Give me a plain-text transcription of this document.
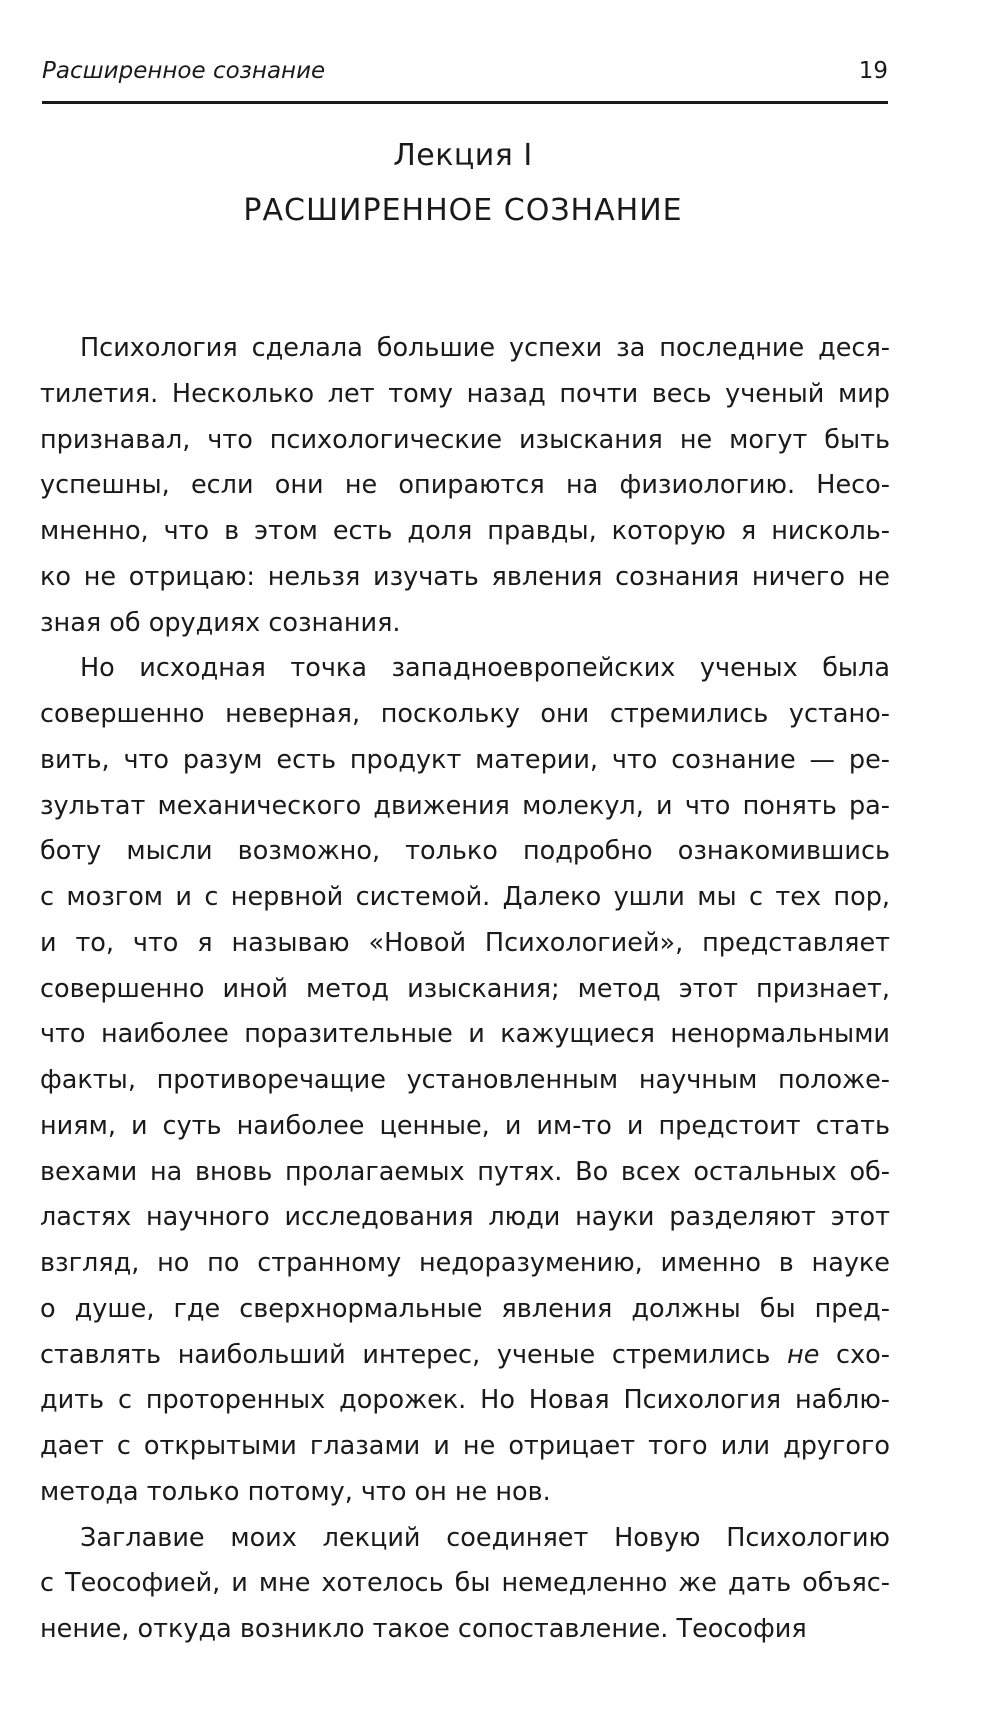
Расширенное сознание	19
Лекция I
РАСШИРЕННОЕ СОЗНАНИЕ
Психология сделала большие успехи за последние деся-
тилетия. Несколько лет тому назад почти весь ученый мир
признавал, что психологические изыскания не могут быть
успешны, если они не опираются на физиологию. Несо-
мненно, что в этом есть доля правды, которую я нисколь-
ко не отрицаю: нельзя изучать явления сознания ничего не
зная об орудиях сознания.
Но исходная точка западноевропейских ученых была
совершенно неверная, поскольку они стремились устано-
вить, что разум есть продукт материи, что сознание — ре-
зультат механического движения молекул, и что понять ра-
боту мысли возможно, только подробно ознакомившись
с мозгом и с нервной системой. Далеко ушли мы с тех пор,
и то, что я называю «Новой Психологией», представляет
совершенно иной метод изыскания; метод этот признает,
что наиболее поразительные и кажущиеся ненормальными
факты, противоречащие установленным научным положе-
ниям, и суть наиболее ценные, и им-то и предстоит стать
вехами на вновь пролагаемых путях. Во всех остальных об-
ластях научного исследования люди науки разделяют этот
взгляд, но по странному недоразумению, именно в науке
о душе, где сверхнормальные явления должны бы пред-
ставлять наибольший интерес, ученые стремились не схо-
дить с проторенных дорожек. Но Новая Психология наблю-
дает с открытыми глазами и не отрицает того или другого
метода только потому, что он не нов.
Заглавие моих лекций соединяет Новую Психологию
с Теософией, и мне хотелось бы немедленно же дать объяс-
нение, откуда возникло такое сопоставление. Теософия
